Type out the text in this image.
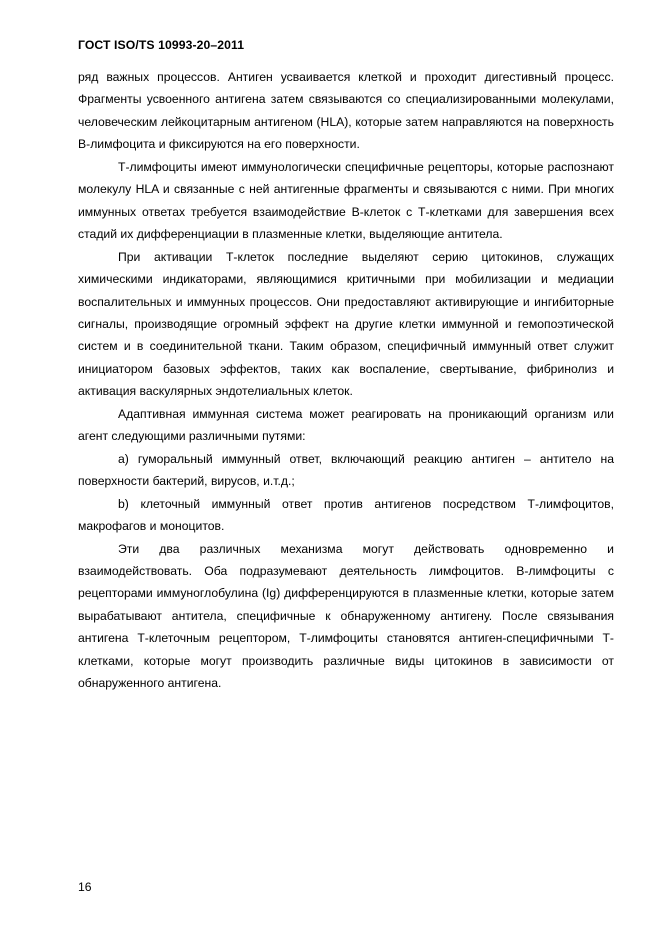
ГОСТ ISO/TS 10993-20–2011

ряд важных процессов. Антиген усваивается клеткой и проходит дигестивный процесс. Фрагменты усвоенного антигена затем связываются со специализированными молекулами, человеческим лейкоцитарным антигеном (HLA), которые затем направляются на поверхность В-лимфоцита и фиксируются на его поверхности.

Т-лимфоциты имеют иммунологически специфичные рецепторы, которые распознают молекулу HLA и связанные с ней антигенные фрагменты и связываются с ними. При многих иммунных ответах требуется взаимодействие В-клеток с Т-клетками для завершения всех стадий их дифференциации в плазменные клетки, выделяющие антитела.

При активации Т-клеток последние выделяют серию цитокинов, служащих химическими индикаторами, являющимися критичными при мобилизации и медиации воспалительных и иммунных процессов. Они предоставляют активирующие и ингибиторные сигналы, производящие огромный эффект на другие клетки иммунной и гемопоэтической систем и в соединительной ткани. Таким образом, специфичный иммунный ответ служит инициатором базовых эффектов, таких как воспаление, свертывание, фибринолиз и активация васкулярных эндотелиальных клеток.

Адаптивная иммунная система может реагировать на проникающий организм или агент следующими различными путями:

a) гуморальный иммунный ответ, включающий реакцию антиген – антитело на поверхности бактерий, вирусов, и.т.д.;

b) клеточный иммунный ответ против антигенов посредством Т-лимфоцитов, макрофагов и моноцитов.

Эти два различных механизма могут действовать одновременно и взаимодействовать. Оба подразумевают деятельность лимфоцитов. В-лимфоциты с рецепторами иммуноглобулина (Ig) дифференцируются в плазменные клетки, которые затем вырабатывают антитела, специфичные к обнаруженному антигену. После связывания антигена Т-клеточным рецептором, Т-лимфоциты становятся антиген-специфичными Т-клетками, которые могут производить различные виды цитокинов в зависимости от обнаруженного антигена.

16
